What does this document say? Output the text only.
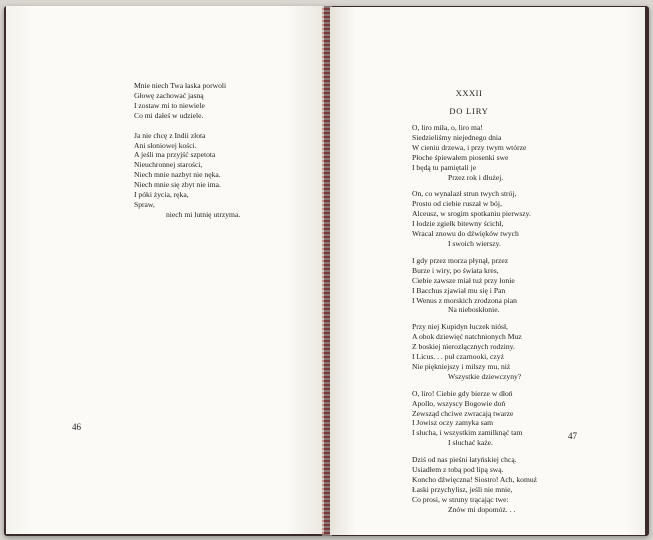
Mnie niech Twa łaska porwoli
Głowę zachować jasną
I zostaw mi to niewiele
Co mi dałeś w udziele.
Ja nie chcę z Indii złota
Ani słoniowej kości.
A jeśli ma przyjść szpetota
Nieuchronnej starości,
Niech mnie nazbyt nie nęka.
Niech mnie się zbyt nie ima.
I póki życia, ręka,
Spraw,
niech mi lutnię utrzyma.
46
XXXII
DO LIRY
O, liro miła, o, liro ma!
Siedzieliśmy niejednego dnia
W cieniu drzewa, i przy twym wtórze
Płoche śpiewałem piosenki swe
I będą tu pamiętali je
Przez rok i dłużej.
On, co wynalazł strun twych strój,
Prosto od ciebie ruszał w bój,
Alceusz, w srogim spotkaniu pierwszy.
I łodzie zgiełk bitewny ścichł,
Wracał znowu do dźwięków twych
I swoich wierszy.
I gdy przez morza płynął, przez
Burze i wiry, po świata kres,
Ciebie zawsze miał tuż przy łonie
I Bacchus zjawiał mu się i Pan
I Wenus z morskich zrodzona pian
Na nieboskłonie.
Przy niej Kupidyn łuczek niósł,
A obok dziewięć natchnionych Muz
Z boskiej nierozłącznych rodziny.
I Licus. . . puł czarnooki, czyż
Nie piękniejszy i milszy mu, niż
Wszystkie dziewczyny?
O, liro! Ciebie gdy bierze w dłoń
Apollo, wszyscy Bogowie doń
Zewsząd chciwe zwracają twarze
I Jowisz oczy zamyka sam
I słucha, i wszystkim zamilknąć tam
I słuchać każe.
Dziś od nas pieśni łatyńskiej chcą.
Usiadłem z tobą pod lipą swą.
Koncho dźwięczna! Siostro! Ach, komuż
Łaski przychylisz, jeśli nie mnie,
Co prosi, w struny trącając twe:
Znów mi dopomóż. . .
47
